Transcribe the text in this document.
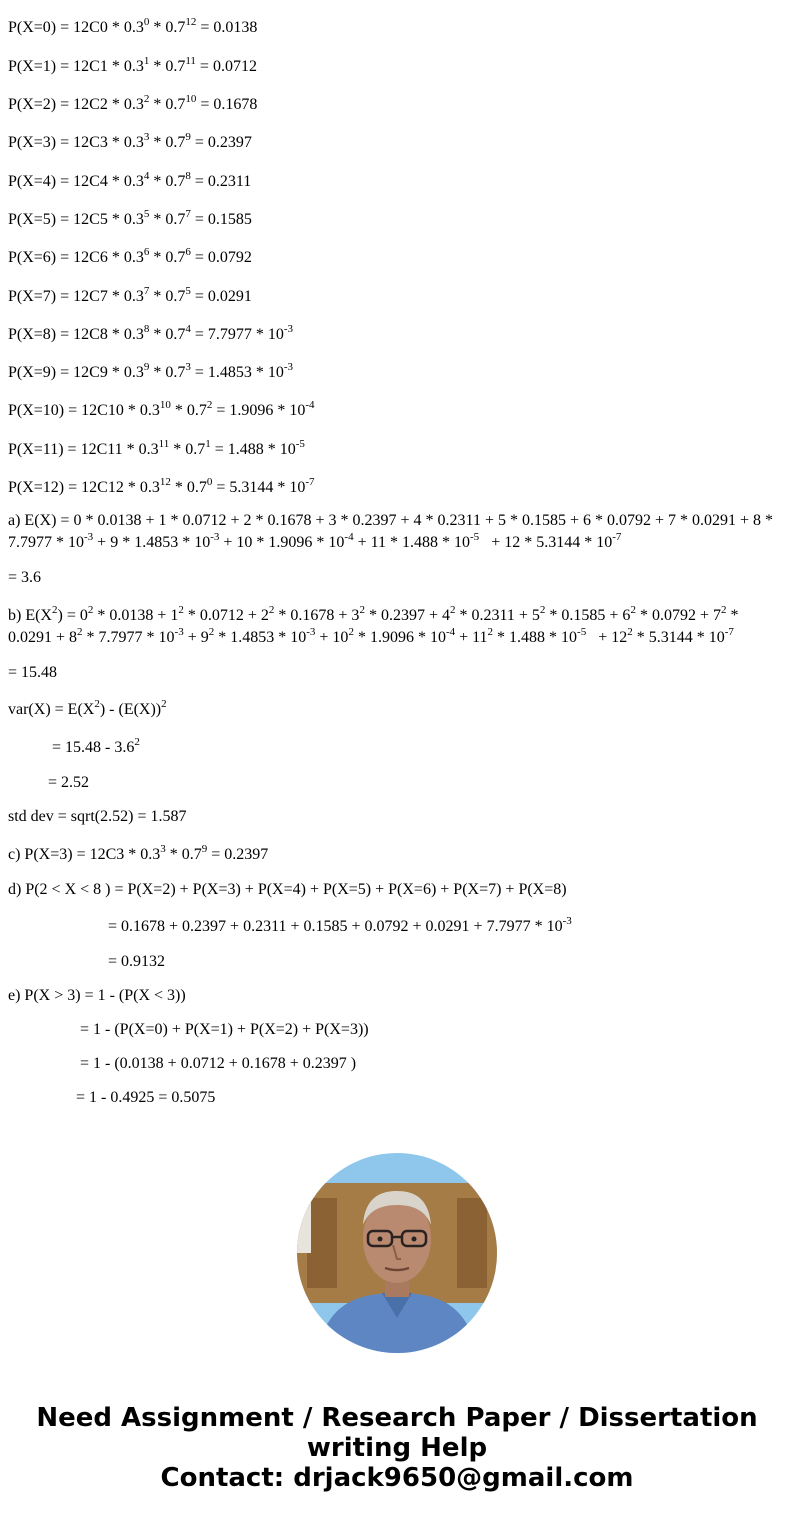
$P(X=0) = 12C0 * 0.3^0 * 0.7^{12} = 0.0138$
$P(X=1) = 12C1 * 0.3^1 * 0.7^{11} = 0.0712$
$P(X=2) = 12C2 * 0.3^2 * 0.7^{10} = 0.1678$
$P(X=3) = 12C3 * 0.3^3 * 0.7^9 = 0.2397$
$P(X=4) = 12C4 * 0.3^4 * 0.7^8 = 0.2311$
$P(X=5) = 12C5 * 0.3^5 * 0.7^7 = 0.1585$
$P(X=6) = 12C6 * 0.3^6 * 0.7^6 = 0.0792$
$P(X=7) = 12C7 * 0.3^7 * 0.7^5 = 0.0291$
$P(X=8) = 12C8 * 0.3^8 * 0.7^4 = 7.7977 * 10^{-3}$
$P(X=9) = 12C9 * 0.3^9 * 0.7^3 = 1.4853 * 10^{-3}$
$P(X=10) = 12C10 * 0.3^{10} * 0.7^2 = 1.9096 * 10^{-4}$
$P(X=11) = 12C11 * 0.3^{11} * 0.7^1 = 1.488 * 10^{-5}$
$P(X=12) = 12C12 * 0.3^{12} * 0.7^0 = 5.3144 * 10^{-7}$
a) E(X) = $0 * 0.0138 + 1 * 0.0712 + 2 * 0.1678 + 3 * 0.2397 + 4 * 0.2311 + 5 * 0.1585 + 6 * 0.0792 + 7 * 0.0291 + 8 * 7.7977 * 10^{-3} + 9 * 1.4853 * 10^{-3} + 10 * 1.9096 * 10^{-4} + 11 * 1.488 * 10^{-5} + 12 * 5.3144 * 10^{-7}$
= 3.6
b) $E(X^2) = 0^2 * 0.0138 + 1^2 * 0.0712 + 2^2 * 0.1678 + 3^2 * 0.2397 + 4^2 * 0.2311 + 5^2 * 0.1585 + 6^2 * 0.0792 + 7^2 * 0.0291 + 8^2 * 7.7977 * 10^{-3} + 9^2 * 1.4853 * 10^{-3} + 10^2 * 1.9096 * 10^{-4} + 11^2 * 1.488 * 10^{-5} + 12^2 * 5.3144$ * $10^{-7}$
= 15.48
$var(X) = E(X^2) - (E(X))^2$
= $15.48 - 3.6^2$
= 2.52
std dev = sqrt(2.52) = 1.587
c) $P(X=3) = 12C3 * 0.3^3 * 0.7^9 = 0.2397$
d) P(2 < X < 8 ) = P(X=2) + P(X=3) + P(X=4) + P(X=5) + P(X=6) + P(X=7) + P(X=8)
= $0.1678 + 0.2397 + 0.2311 + 0.1585 + 0.0792 + 0.0291 + 7.7977 * 10^{-3}$
= 0.9132
e) P(X > 3) = 1 - (P(X < 3))
= 1 - (P(X=0) + P(X=1) + P(X=2) + P(X=3))
= 1 - (0.0138 + 0.0712 + 0.1678 + 0.2397 )
= 1 - 0.4925 = 0.5075
Need Assignment / Research Paper / Dissertation
writing Help
Contact: drjack9650@gmail.com
